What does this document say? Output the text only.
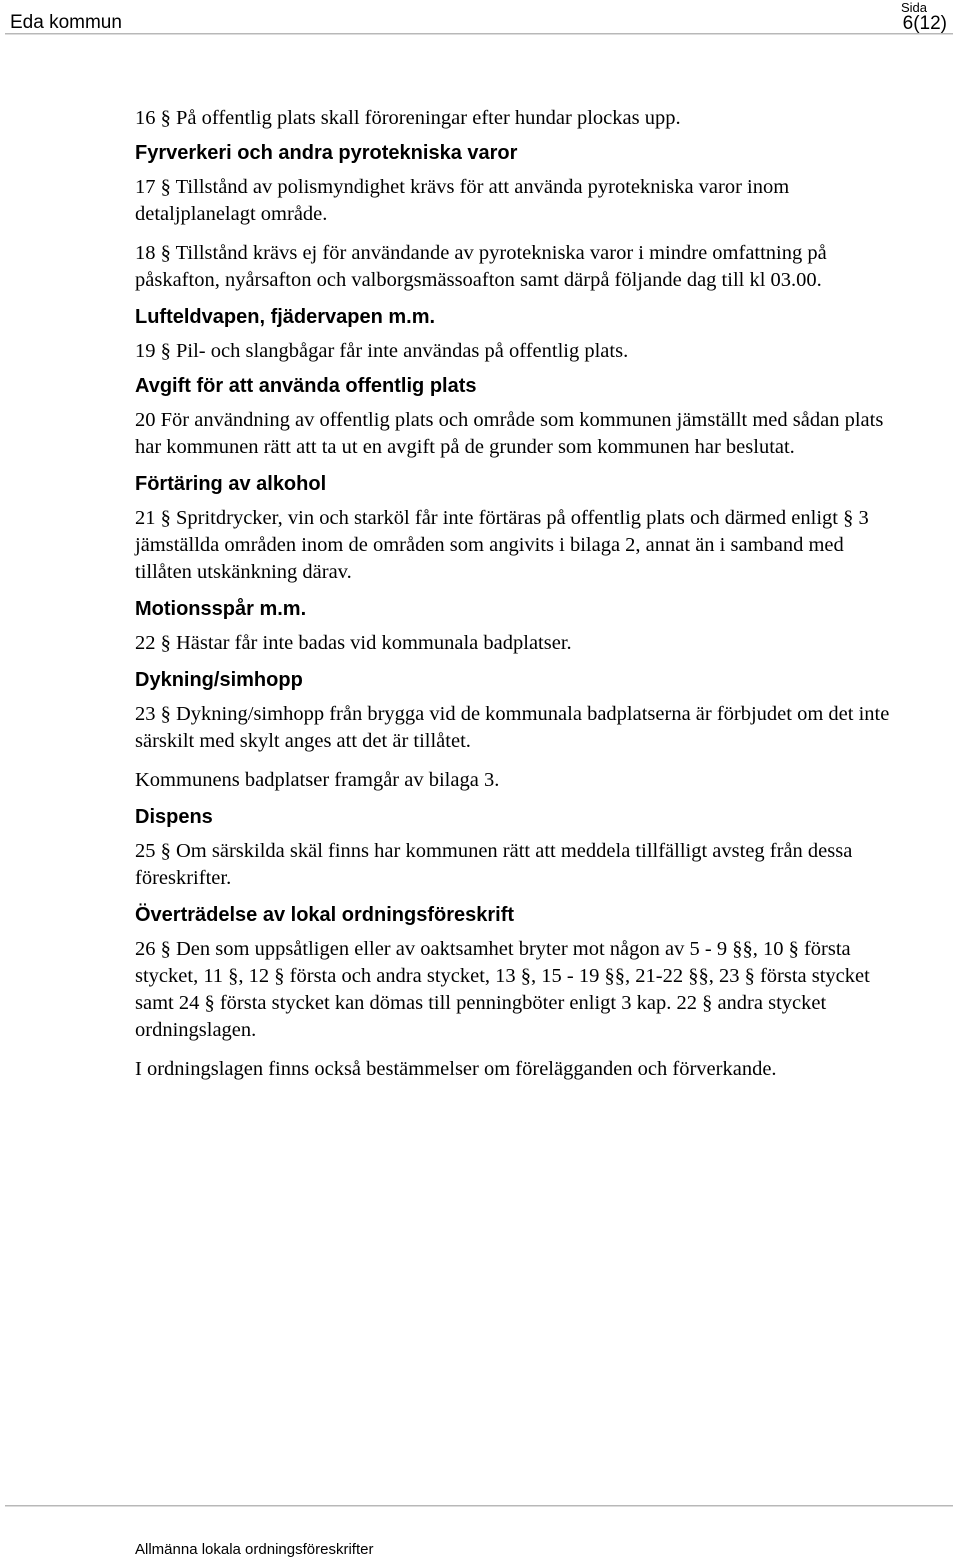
Eda kommun
Sida
6(12)

16 § På offentlig plats skall föroreningar efter hundar plockas upp.

Fyrverkeri och andra pyrotekniska varor

17 § Tillstånd av polismyndighet krävs för att använda pyrotekniska varor inom detaljplanelagt område.

18 § Tillstånd krävs ej för användande av pyrotekniska varor i mindre omfattning på påskafton, nyårsafton och valborgsmässoafton samt därpå följande dag till kl 03.00.

Lufteldvapen, fjädervapen m.m.

19 § Pil- och slangbågar får inte användas på offentlig plats.

Avgift för att använda offentlig plats

20 För användning av offentlig plats och område som kommunen jämställt med sådan plats har kommunen rätt att ta ut en avgift på de grunder som kommunen har beslutat.

Förtäring av alkohol

21 § Spritdrycker, vin och starköl får inte förtäras på offentlig plats och därmed enligt § 3 jämställda områden inom de områden som angivits i bilaga 2, annat än i samband med tillåten utskänkning därav.

Motionsspår m.m.

22 § Hästar får inte badas vid kommunala badplatser.

Dykning/simhopp

23 § Dykning/simhopp från brygga vid de kommunala badplatserna är förbjudet om det inte särskilt med skylt anges att det är tillåtet.

Kommunens badplatser framgår av bilaga 3.

Dispens

25 § Om särskilda skäl finns har kommunen rätt att meddela tillfälligt avsteg från dessa föreskrifter.

Överträdelse av lokal ordningsföreskrift

26 § Den som uppsåtligen eller av oaktsamhet bryter mot någon av 5 - 9 §§, 10 § första stycket, 11 §, 12 § första och andra stycket, 13 §, 15 - 19 §§, 21-22 §§, 23 § första stycket samt 24 § första stycket kan dömas till penningböter enligt 3 kap. 22 § andra stycket ordningslagen.

I ordningslagen finns också bestämmelser om förelägganden och förverkande.

Allmänna lokala ordningsföreskrifter
